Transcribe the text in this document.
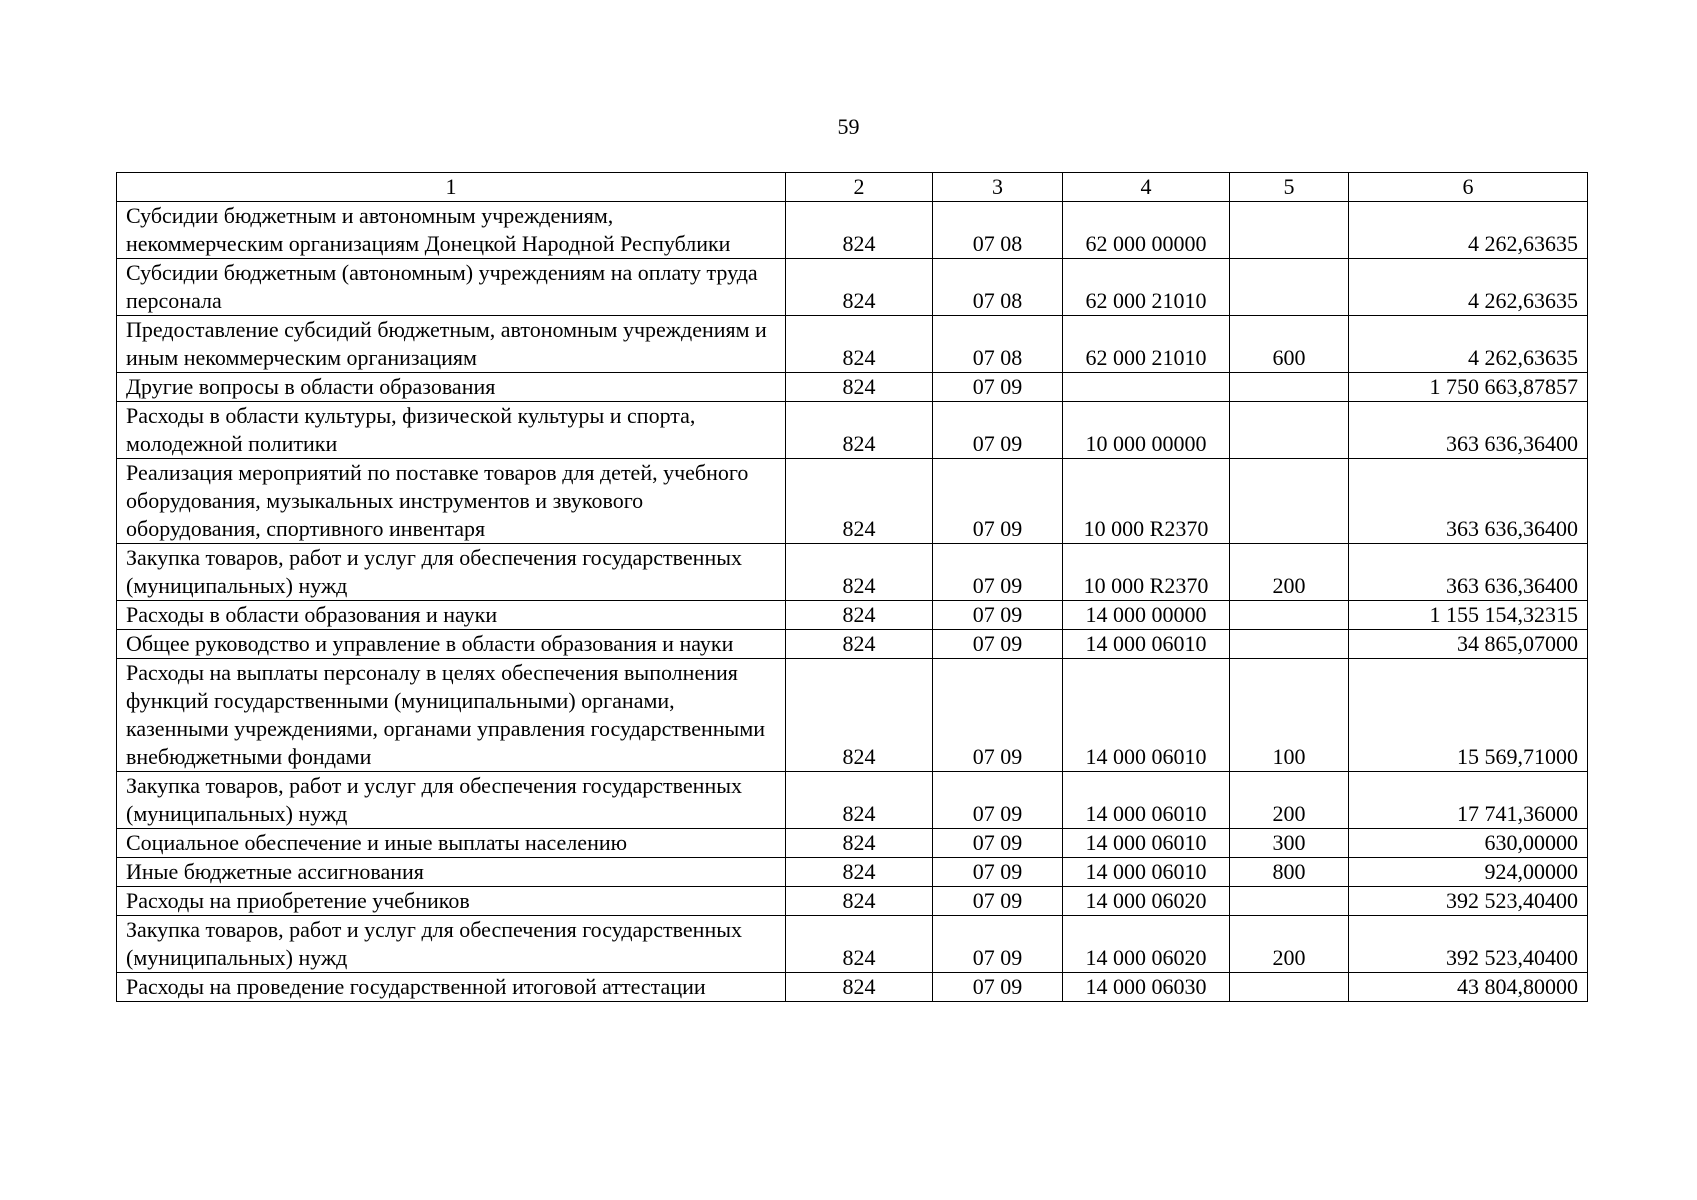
59
1	2	3	4	5	6
Субсидии бюджетным и автономным учреждениям, некоммерческим организациям Донецкой Народной Республики	824	07 08	62 000 00000		4 262,63635
Субсидии бюджетным (автономным) учреждениям на оплату труда персонала	824	07 08	62 000 21010		4 262,63635
Предоставление субсидий бюджетным, автономным учреждениям и иным некоммерческим организациям	824	07 08	62 000 21010	600	4 262,63635
Другие вопросы в области образования	824	07 09			1 750 663,87857
Расходы в области культуры, физической культуры и спорта, молодежной политики	824	07 09	10 000 00000		363 636,36400
Реализация мероприятий по поставке товаров для детей, учебного оборудования, музыкальных инструментов и звукового оборудования, спортивного инвентаря	824	07 09	10 000 R2370		363 636,36400
Закупка товаров, работ и услуг для обеспечения государственных (муниципальных) нужд	824	07 09	10 000 R2370	200	363 636,36400
Расходы в области образования и науки	824	07 09	14 000 00000		1 155 154,32315
Общее руководство и управление в области образования и науки	824	07 09	14 000 06010		34 865,07000
Расходы на выплаты персоналу в целях обеспечения выполнения функций государственными (муниципальными) органами, казенными учреждениями, органами управления государственными внебюджетными фондами	824	07 09	14 000 06010	100	15 569,71000
Закупка товаров, работ и услуг для обеспечения государственных (муниципальных) нужд	824	07 09	14 000 06010	200	17 741,36000
Социальное обеспечение и иные выплаты населению	824	07 09	14 000 06010	300	630,00000
Иные бюджетные ассигнования	824	07 09	14 000 06010	800	924,00000
Расходы на приобретение учебников	824	07 09	14 000 06020		392 523,40400
Закупка товаров, работ и услуг для обеспечения государственных (муниципальных) нужд	824	07 09	14 000 06020	200	392 523,40400
Расходы на проведение государственной итоговой аттестации	824	07 09	14 000 06030		43 804,80000
